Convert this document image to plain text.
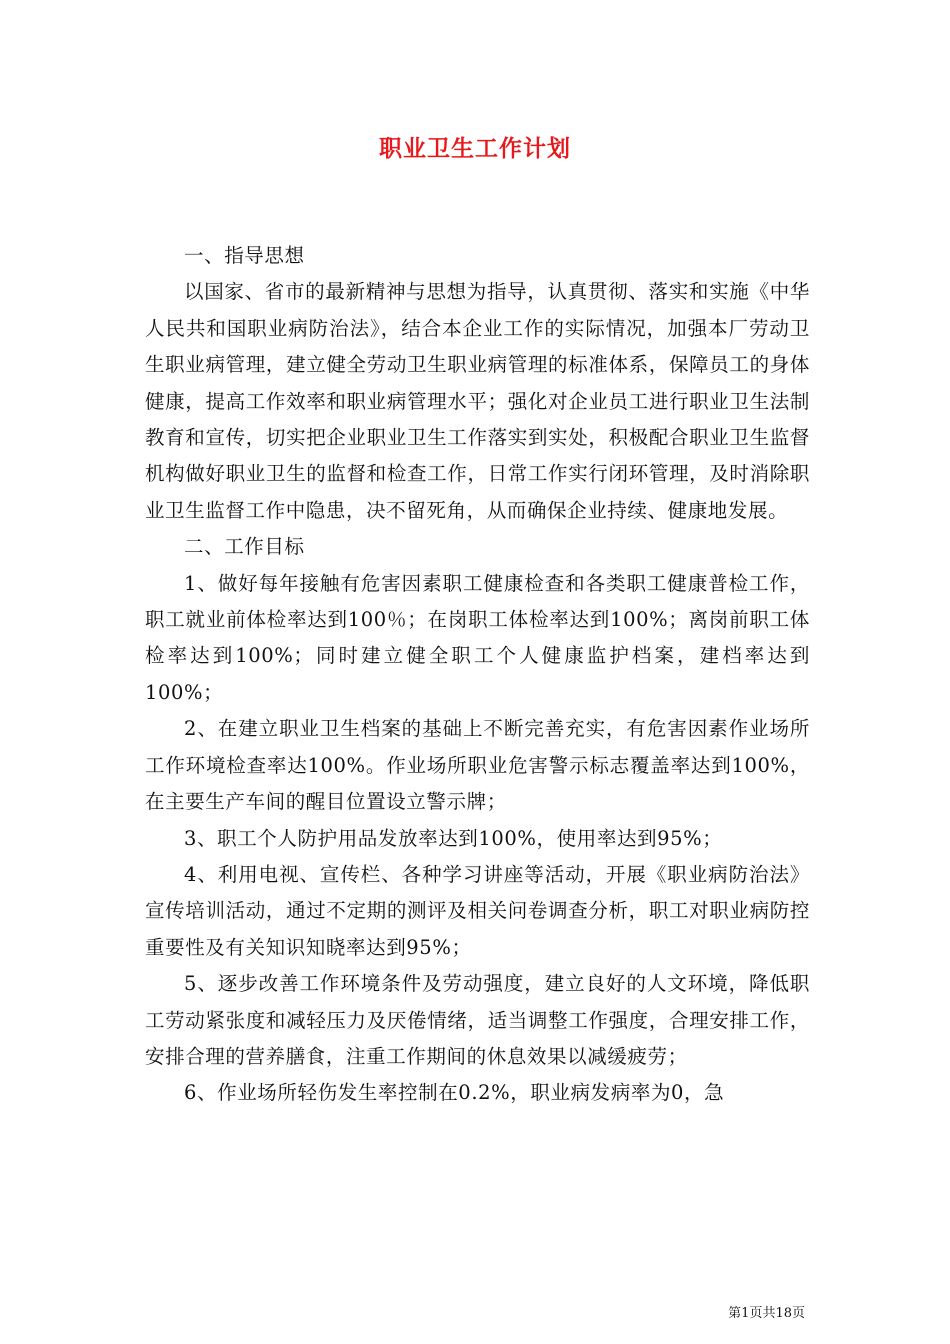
职业卫生工作计划

一、指导思想

以国家、省市的最新精神与思想为指导，认真贯彻、落实和实施《中华人民共和国职业病防治法》，结合本企业工作的实际情况，加强本厂劳动卫生职业病管理，建立健全劳动卫生职业病管理的标准体系，保障员工的身体健康，提高工作效率和职业病管理水平；强化对企业员工进行职业卫生法制教育和宣传，切实把企业职业卫生工作落实到实处，积极配合职业卫生监督机构做好职业卫生的监督和检查工作，日常工作实行闭环管理，及时消除职业卫生监督工作中隐患，决不留死角，从而确保企业持续、健康地发展。

二、工作目标

1、做好每年接触有危害因素职工健康检查和各类职工健康普检工作，职工就业前体检率达到100％；在岗职工体检率达到100%；离岗前职工体检率达到100%；同时建立健全职工个人健康监护档案，建档率达到100%；

2、在建立职业卫生档案的基础上不断完善充实，有危害因素作业场所工作环境检查率达100%。作业场所职业危害警示标志覆盖率达到100%，在主要生产车间的醒目位置设立警示牌；

3、职工个人防护用品发放率达到100%，使用率达到95%；

4、利用电视、宣传栏、各种学习讲座等活动，开展《职业病防治法》宣传培训活动，通过不定期的测评及相关问卷调查分析，职工对职业病防控重要性及有关知识知晓率达到95%；

5、逐步改善工作环境条件及劳动强度，建立良好的人文环境，降低职工劳动紧张度和减轻压力及厌倦情绪，适当调整工作强度，合理安排工作，安排合理的营养膳食，注重工作期间的休息效果以减缓疲劳；

6、作业场所轻伤发生率控制在0.2%，职业病发病率为0，急

第1页共18页
